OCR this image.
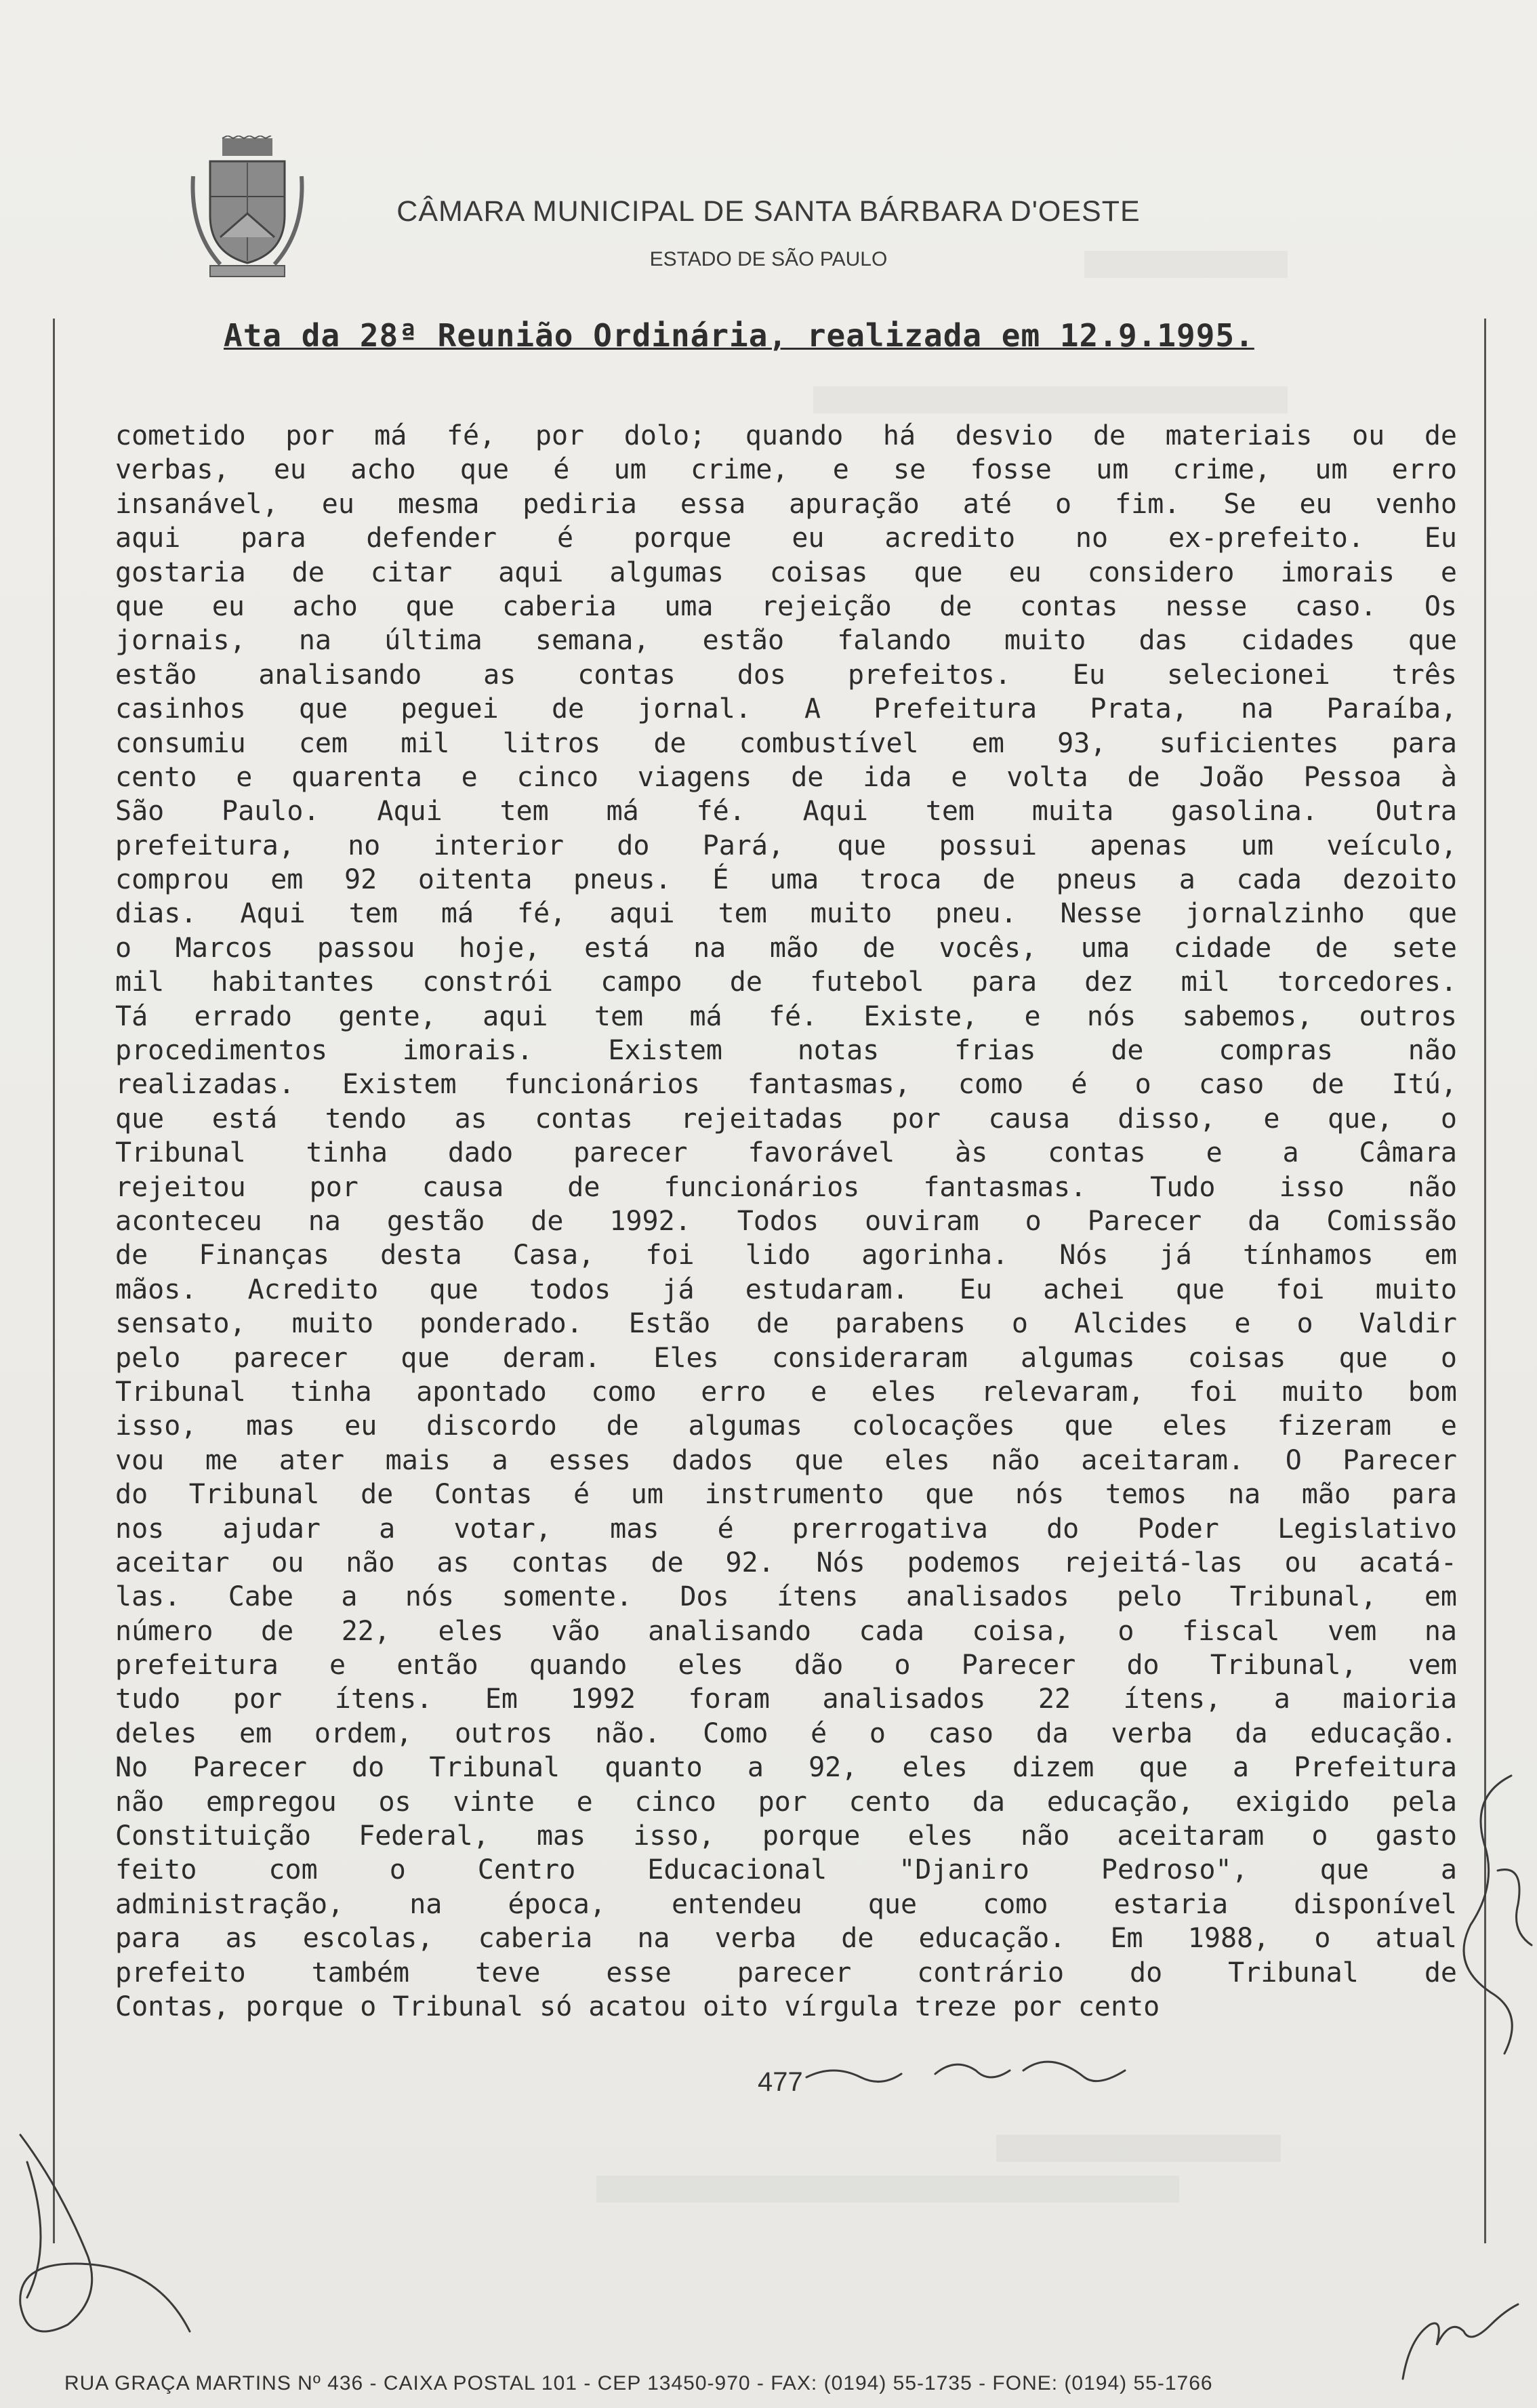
CÂMARA MUNICIPAL DE SANTA BÁRBARA D'OESTE
ESTADO DE SÃO PAULO
Ata da 28ª Reunião Ordinária, realizada em 12.9.1995.
cometido por má fé, por dolo; quando há desvio de materiais ou de
verbas, eu acho que é um crime, e se fosse um crime, um erro
insanável, eu mesma pediria essa apuração até o fim. Se eu venho
aqui para defender é porque eu acredito no ex-prefeito. Eu
gostaria de citar aqui algumas coisas que eu considero imorais e
que eu acho que caberia uma rejeição de contas nesse caso. Os
jornais, na última semana, estão falando muito das cidades que
estão analisando as contas dos prefeitos. Eu selecionei três
casinhos que peguei de jornal. A Prefeitura Prata, na Paraíba,
consumiu cem mil litros de combustível em 93, suficientes para
cento e quarenta e cinco viagens de ida e volta de João Pessoa à
São Paulo. Aqui tem má fé. Aqui tem muita gasolina. Outra
prefeitura, no interior do Pará, que possui apenas um veículo,
comprou em 92 oitenta pneus. É uma troca de pneus a cada dezoito
dias. Aqui tem má fé, aqui tem muito pneu. Nesse jornalzinho que
o Marcos passou hoje, está na mão de vocês, uma cidade de sete
mil habitantes constrói campo de futebol para dez mil torcedores.
Tá errado gente, aqui tem má fé. Existe, e nós sabemos, outros
procedimentos imorais. Existem notas frias de compras não
realizadas. Existem funcionários fantasmas, como é o caso de Itú,
que está tendo as contas rejeitadas por causa disso, e que, o
Tribunal tinha dado parecer favorável às contas e a Câmara
rejeitou por causa de funcionários fantasmas. Tudo isso não
aconteceu na gestão de 1992. Todos ouviram o Parecer da Comissão
de Finanças desta Casa, foi lido agorinha. Nós já tínhamos em
mãos. Acredito que todos já estudaram. Eu achei que foi muito
sensato, muito ponderado. Estão de parabens o Alcides e o Valdir
pelo parecer que deram. Eles consideraram algumas coisas que o
Tribunal tinha apontado como erro e eles relevaram, foi muito bom
isso, mas eu discordo de algumas colocações que eles fizeram e
vou me ater mais a esses dados que eles não aceitaram. O Parecer
do Tribunal de Contas é um instrumento que nós temos na mão para
nos ajudar a votar, mas é prerrogativa do Poder Legislativo
aceitar ou não as contas de 92. Nós podemos rejeitá-las ou acatá-
las. Cabe a nós somente. Dos ítens analisados pelo Tribunal, em
número de 22, eles vão analisando cada coisa, o fiscal vem na
prefeitura e então quando eles dão o Parecer do Tribunal, vem
tudo por ítens. Em 1992 foram analisados 22 ítens, a maioria
deles em ordem, outros não. Como é o caso da verba da educação.
No Parecer do Tribunal quanto a 92, eles dizem que a Prefeitura
não empregou os vinte e cinco por cento da educação, exigido pela
Constituição Federal, mas isso, porque eles não aceitaram o gasto
feito com o Centro Educacional "Djaniro Pedroso", que a
administração, na época, entendeu que como estaria disponível
para as escolas, caberia na verba de educação. Em 1988, o atual
prefeito também teve esse parecer contrário do Tribunal de
Contas, porque o Tribunal só acatou oito vírgula treze por cento
477
RUA GRAÇA MARTINS Nº 436 - CAIXA POSTAL 101 - CEP 13450-970 - FAX: (0194) 55-1735 - FONE: (0194) 55-1766
